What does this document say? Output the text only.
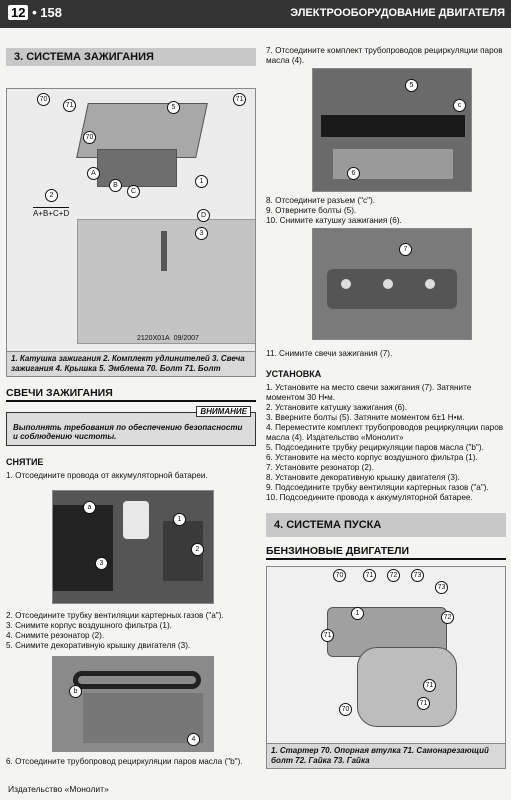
12 • 158	ЭЛЕКТРООБОРУДОВАНИЕ ДВИГАТЕЛЯ
3. СИСТЕМА ЗАЖИГАНИЯ
70
71	5
71
70
1
A
B
C
D
3
2
A+B+C+D
2120X01A 09/2007
1. Катушка зажигания 2. Комплект удлинителей 3. Свеча зажигания 4. Крышка 5. Эмблема 70. Болт 71. Болт
СВЕЧИ ЗАЖИГАНИЯ
ВНИМАНИЕ
Выполнять требования по обеспечению безопасности и соблюдению чистоты.
СНЯТИЕ
1. Отсоедините провода от аккумуляторной батареи.
a
1
2
3
2. Отсоедините трубку вентиляции картерных газов ("а").
3. Снимите корпус воздушного фильтра (1).
4. Снимите резонатор (2).
5. Снимите декоративную крышку двигателя (3).
b
4
6. Отсоедините трубопровод рециркуляции паров масла ("b").
7. Отсоедините комплект трубопроводов рециркуляции паров масла (4).
5
c
6
8. Отсоедините разъем ("с").
9. Отверните болты (5).
10. Снимите катушку зажигания (6).
7
11. Снимите свечи зажигания (7).
УСТАНОВКА
1. Установите на место свечи зажигания (7). Затяните моментом 30 Н•м.
2. Установите катушку зажигания (6).
3. Вверните болты (5). Затяните моментом 6±1 Н•м.
4. Переместите комплект трубопроводов рециркуляции паров масла (4). Издательство «Монолит»
5. Подсоедините трубку рециркуляции паров масла ("b").
6. Установите на место корпус воздушного фильтра (1).
7. Установите резонатор (2).
8. Установите декоративную крышку двигателя (3).
9. Подсоедините трубку вентиляции картерных газов ("а").
10. Подсоедините провода к аккумуляторной батарее.
4. СИСТЕМА ПУСКА
БЕНЗИНОВЫЕ ДВИГАТЕЛИ
70	71	72	73
73
1
72
71
71
71
70
1. Стартер 70. Опорная втулка 71. Самонарезающий болт 72. Гайка 73. Гайка
Издательство «Монолит»
